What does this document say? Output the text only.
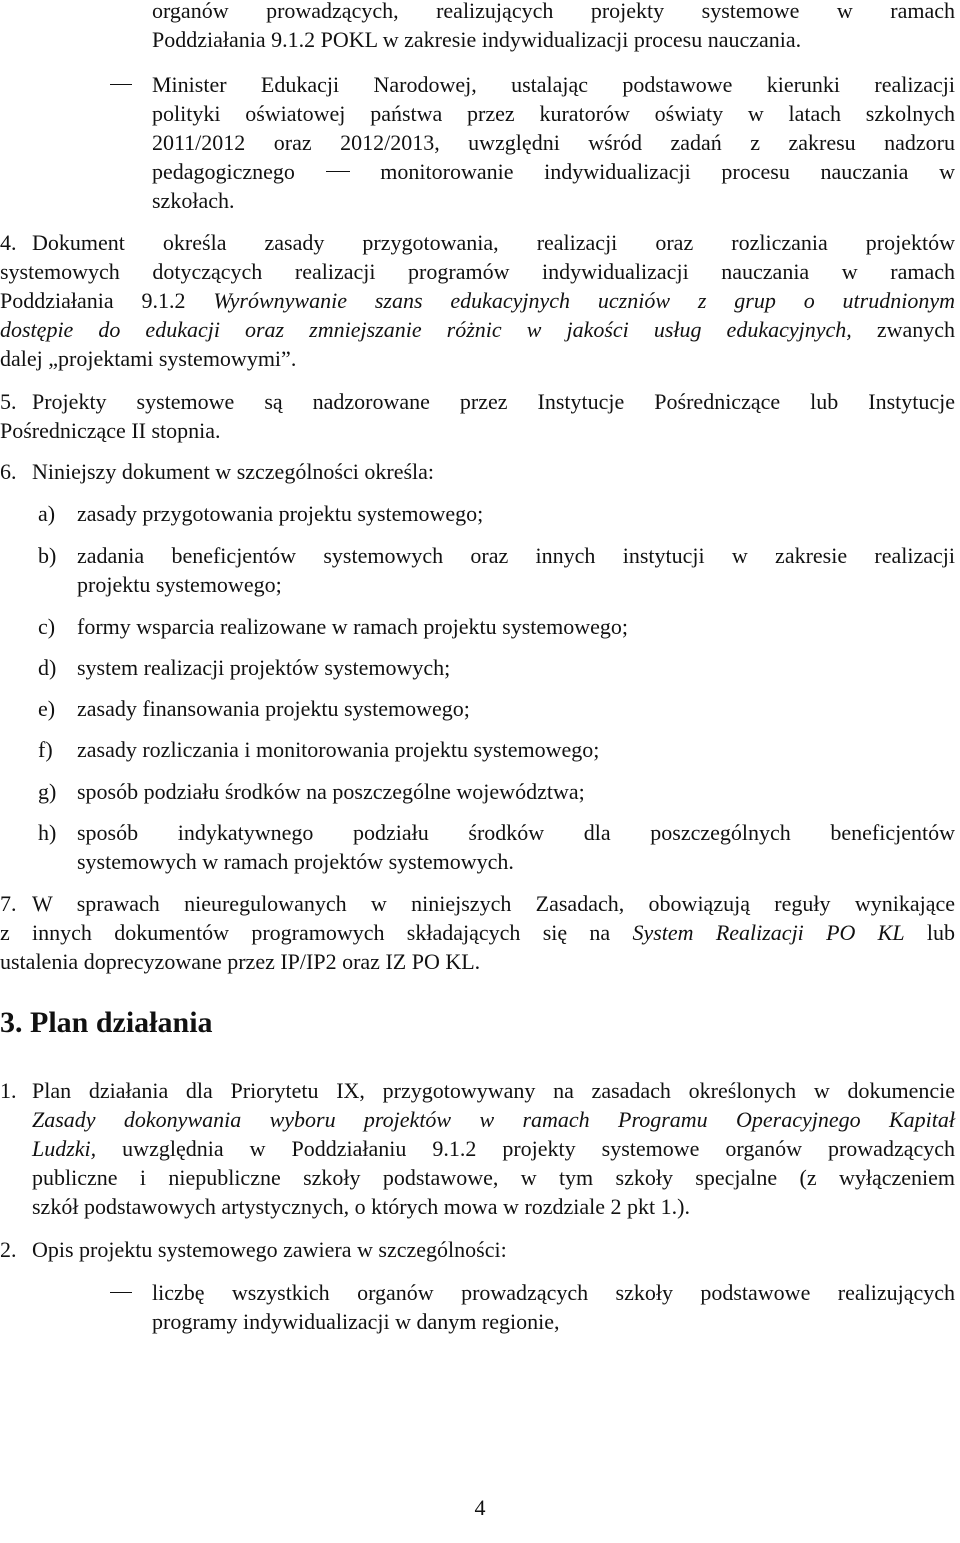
organów prowadzących, realizujących projekty systemowe w ramach
Poddziałania 9.1.2 POKL w zakresie indywidualizacji procesu nauczania.
Minister Edukacji Narodowej, ustalając podstawowe kierunki realizacji
polityki oświatowej państwa przez kuratorów oświaty w latach szkolnych
2011/2012 oraz 2012/2013, uwzględni wśród zadań z zakresu nadzoru
pedagogicznego	monitorowanie indywidualizacji procesu nauczania w
szkołach.
4. Dokument określa zasady przygotowania, realizacji oraz rozliczania projektów
systemowych dotyczących realizacji programów indywidualizacji nauczania w ramach
Poddziałania 9.1.2 Wyrównywanie szans edukacyjnych uczniów z grup o utrudnionym
dostępie do edukacji oraz zmniejszanie różnic w jakości usług edukacyjnych, zwanych
dalej „projektami systemowymi”.
5. Projekty systemowe są nadzorowane przez Instytucje Pośredniczące lub Instytucje
Pośredniczące II stopnia.
6. Niniejszy dokument w szczególności określa:
a) zasady przygotowania projektu systemowego;
b) zadania beneficjentów systemowych oraz innych instytucji w zakresie realizacji
projektu systemowego;
c) formy wsparcia realizowane w ramach projektu systemowego;
d) system realizacji projektów systemowych;
e) zasady finansowania projektu systemowego;
f) zasady rozliczania i monitorowania projektu systemowego;
g) sposób podziału środków na poszczególne województwa;
h) sposób indykatywnego podziału środków dla poszczególnych beneficjentów
systemowych w ramach projektów systemowych.
7. W sprawach nieuregulowanych w niniejszych Zasadach, obowiązują reguły wynikające
z innych dokumentów programowych składających się na System Realizacji PO KL lub
ustalenia doprecyzowane przez IP/IP2 oraz IZ PO KL.
3. Plan działania
1. Plan działania dla Priorytetu IX, przygotowywany na zasadach określonych w dokumencie
Zasady dokonywania wyboru projektów w ramach Programu Operacyjnego Kapitał
Ludzki, uwzględnia w Poddziałaniu 9.1.2 projekty systemowe organów prowadzących
publiczne i niepubliczne szkoły podstawowe, w tym szkoły specjalne (z wyłączeniem
szkół podstawowych artystycznych, o których mowa w rozdziale 2 pkt 1.).
2. Opis projektu systemowego zawiera w szczególności:
liczbę wszystkich organów prowadzących szkoły podstawowe realizujących
programy indywidualizacji w danym regionie,
4
